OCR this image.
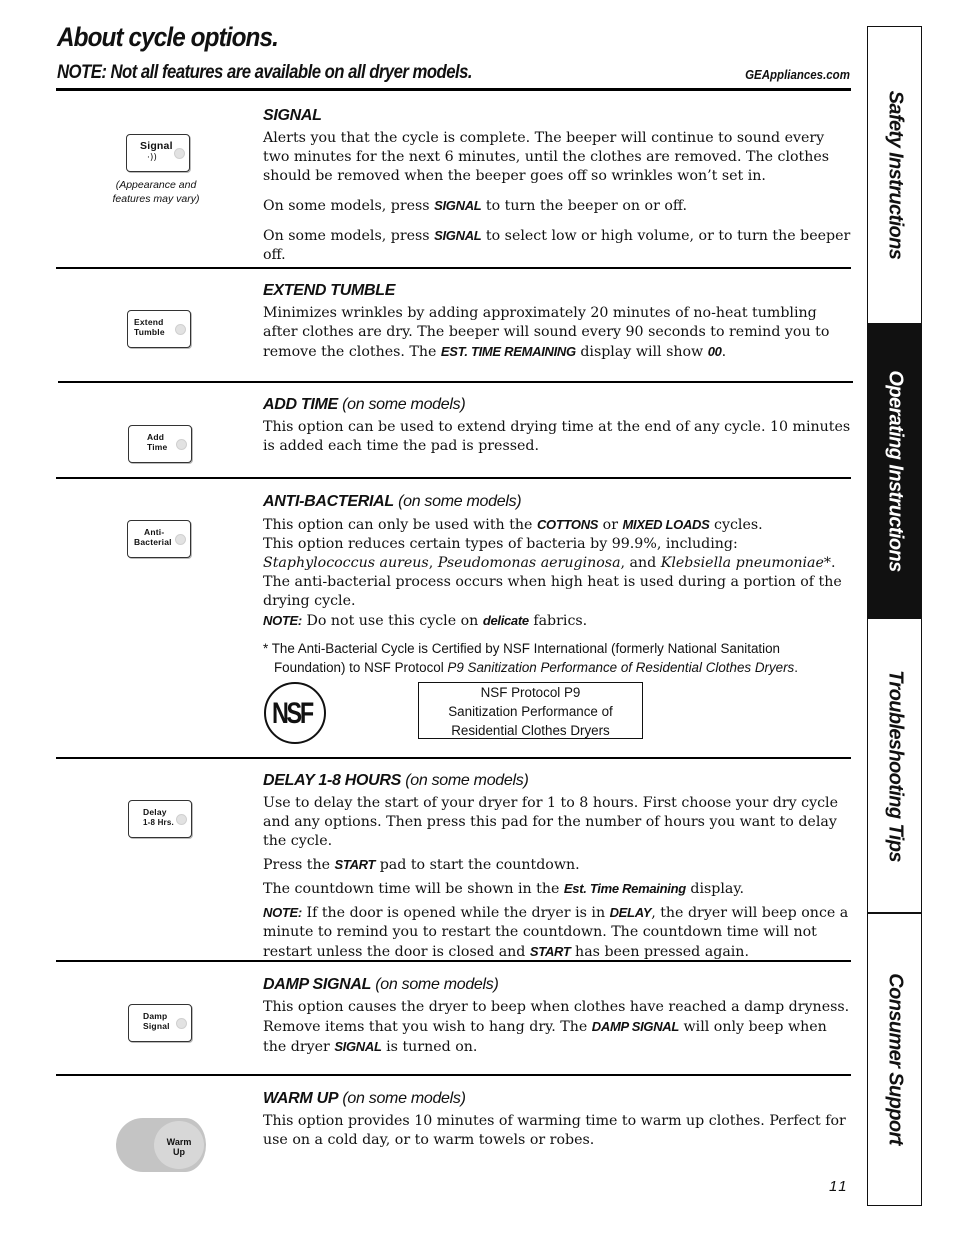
About cycle options.
NOTE: Not all features are available on all dryer models.	GEAppliances.com
Signal
·))
(Appearance and features may vary)
SIGNAL

Alerts you that the cycle is complete. The beeper will continue to sound every two minutes for the next 6 minutes, until the clothes are removed. The clothes should be removed when the beeper goes off so wrinkles won’t set in.

On some models, press SIGNAL to turn the beeper on or off.

On some models, press SIGNAL to select low or high volume, or to turn the beeper off.

Extend
Tumble
EXTEND TUMBLE

Minimizes wrinkles by adding approximately 20 minutes of no-heat tumbling after clothes are dry. The beeper will sound every 90 seconds to remind you to remove the clothes. The EST. TIME REMAINING display will show 00.

Add
Time
ADD TIME (on some models)

This option can be used to extend drying time at the end of any cycle. 10 minutes is added each time the pad is pressed.

Anti-
Bacterial
ANTI-BACTERIAL (on some models)

This option can only be used with the COTTONS or MIXED LOADS cycles.

This option reduces certain types of bacteria by 99.9%, including: Staphylococcus aureus, Pseudomonas aeruginosa, and Klebsiella pneumoniae*. The anti-bacterial process occurs when high heat is used during a portion of the drying cycle.

NOTE: Do not use this cycle on delicate fabrics.

* The Anti-Bacterial Cycle is Certified by NSF International (formerly National Sanitation
Foundation) to NSF Protocol P9 Sanitization Performance of Residential Clothes Dryers.
NSF
NSF Protocol P9
Sanitization Performance of
Residential Clothes Dryers
Delay
1-8 Hrs.
DELAY 1-8 HOURS (on some models)

Use to delay the start of your dryer for 1 to 8 hours. First choose your dry cycle and any options. Then press this pad for the number of hours you want to delay the cycle.

Press the START pad to start the countdown.

The countdown time will be shown in the Est. Time Remaining display.

NOTE: If the door is opened while the dryer is in DELAY, the dryer will beep once a minute to remind you to restart the countdown. The countdown time will not restart unless the door is closed and START has been pressed again.

Damp
Signal
DAMP SIGNAL (on some models)

This option causes the dryer to beep when clothes have reached a damp dryness. Remove items that you wish to hang dry. The DAMP SIGNAL will only beep when the dryer SIGNAL is turned on.

Warm
Up
WARM UP (on some models)

This option provides 10 minutes of warming time to warm up clothes. Perfect for use on a cold day, or to warm towels or robes.

11
Safety Instructions
Operating Instructions
Troubleshooting Tips
Consumer Support
